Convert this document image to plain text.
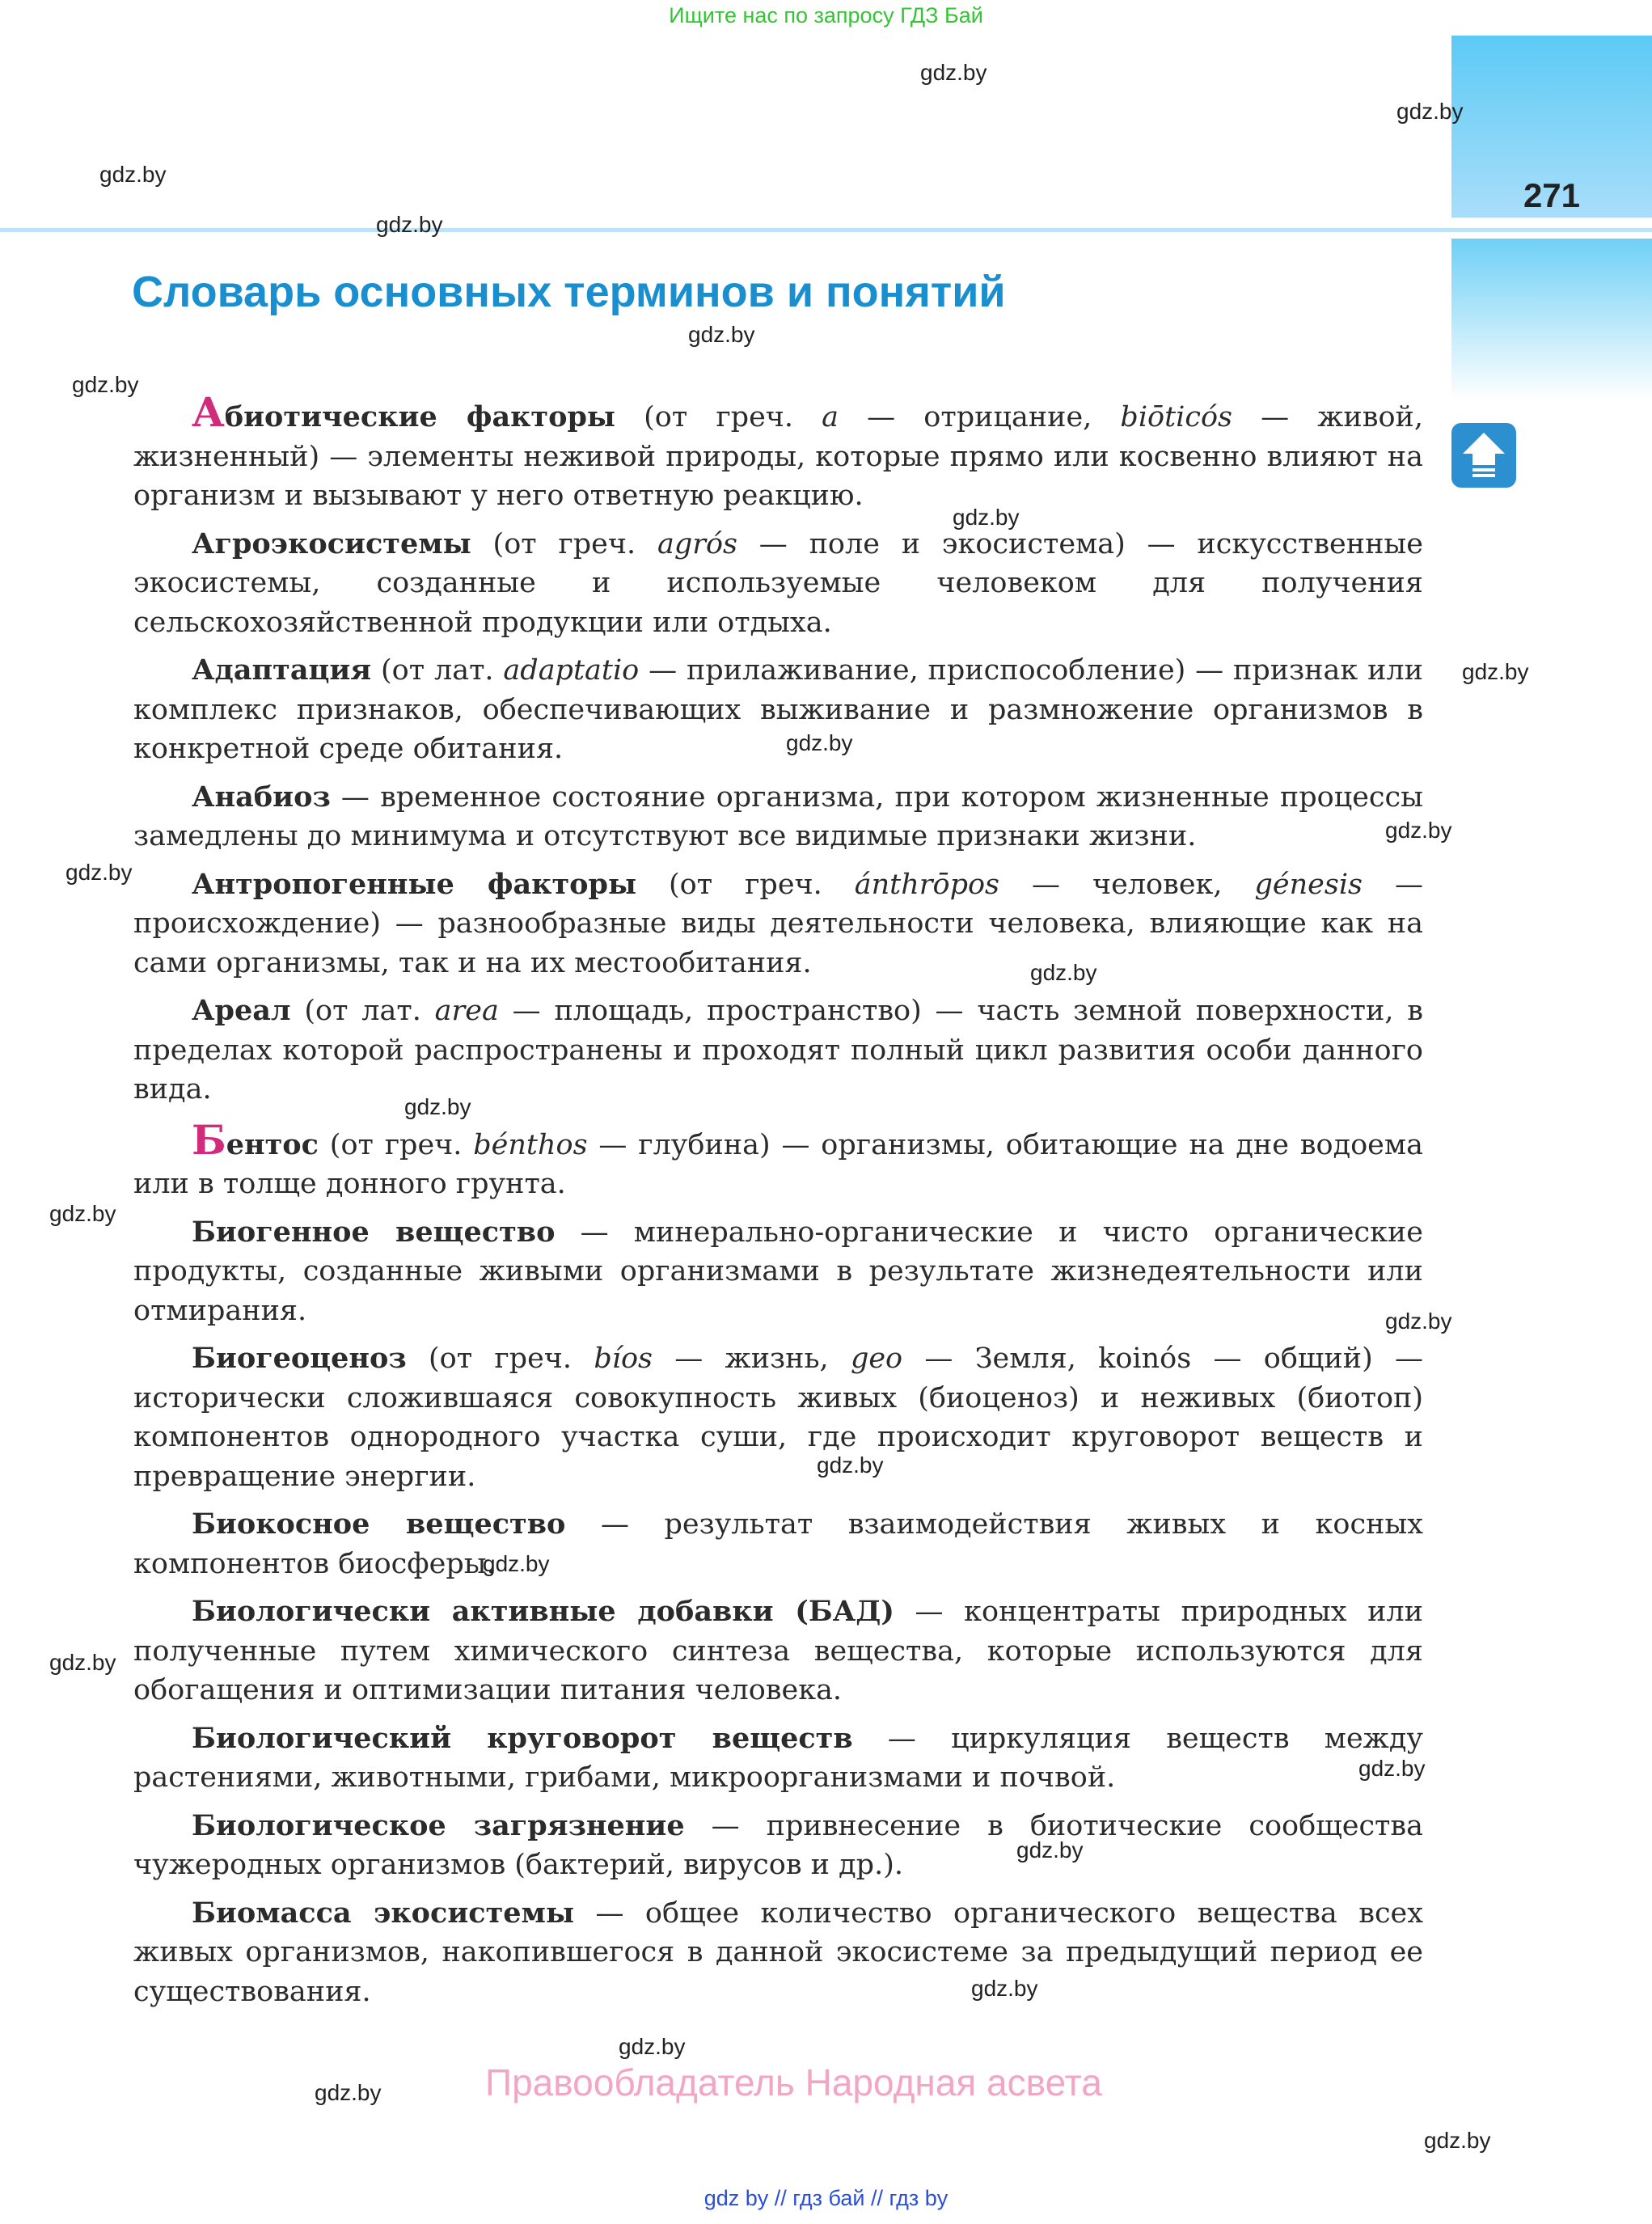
Ищите нас по запросу ГДЗ Бай
271
Словарь основных терминов и понятий

Абиотические факторы (от греч. a — отрицание, biōticós — живой, жизненный) — элементы неживой природы, которые прямо или косвенно влияют на организм и вызывают у него ответную реакцию.

Агроэкосистемы (от греч. agrós — поле и экосистема) — искусственные экосистемы, созданные и используемые человеком для получения сельскохозяйственной продукции или отдыха.

Адаптация (от лат. adaptatio — прилаживание, приспособление) — признак или комплекс признаков, обеспечивающих выживание и размножение организмов в конкретной среде обитания.

Анабиоз — временное состояние организма, при котором жизненные процессы замедлены до минимума и отсутствуют все видимые признаки жизни.

Антропогенные факторы (от греч. ánthrōpos — человек, génesis — происхождение) — разнообразные виды деятельности человека, влияющие как на сами организмы, так и на их местообитания.

Ареал (от лат. area — площадь, пространство) — часть земной поверхности, в пределах которой распространены и проходят полный цикл развития особи данного вида.

Бентос (от греч. bénthos — глубина) — организмы, обитающие на дне водоема или в толще донного грунта.

Биогенное вещество — минерально-органические и чисто органические продукты, созданные живыми организмами в результате жизнедеятельности или отмирания.

Биогеоценоз (от греч. bíos — жизнь, geo — Земля, koinós — общий) — исторически сложившаяся совокупность живых (биоценоз) и неживых (биотоп) компонентов однородного участка суши, где происходит круговорот веществ и превращение энергии.

Биокосное вещество — результат взаимодействия живых и косных компонентов биосферы.

Биологически активные добавки (БАД) — концентраты природных или полученные путем химического синтеза вещества, которые используются для обогащения и оптимизации питания человека.

Биологический круговорот веществ — циркуляция веществ между растениями, животными, грибами, микроорганизмами и почвой.

Биологическое загрязнение — привнесение в биотические сообщества чужеродных организмов (бактерий, вирусов и др.).

Биомасса экосистемы — общее количество органического вещества всех живых организмов, накопившегося в данной экосистеме за предыдущий период ее существования.

gdz.by
gdz.by
gdz.by
gdz.by
gdz.by
gdz.by
gdz.by
gdz.by
gdz.by
gdz.by
gdz.by
gdz.by
gdz.by
gdz.by
gdz.by
gdz.by
gdz.by
gdz.by
gdz.by
gdz.by
gdz.by
gdz.by
gdz.by
gdz.by
Правообладатель Народная асвета
gdz by // гдз бай // гдз by
